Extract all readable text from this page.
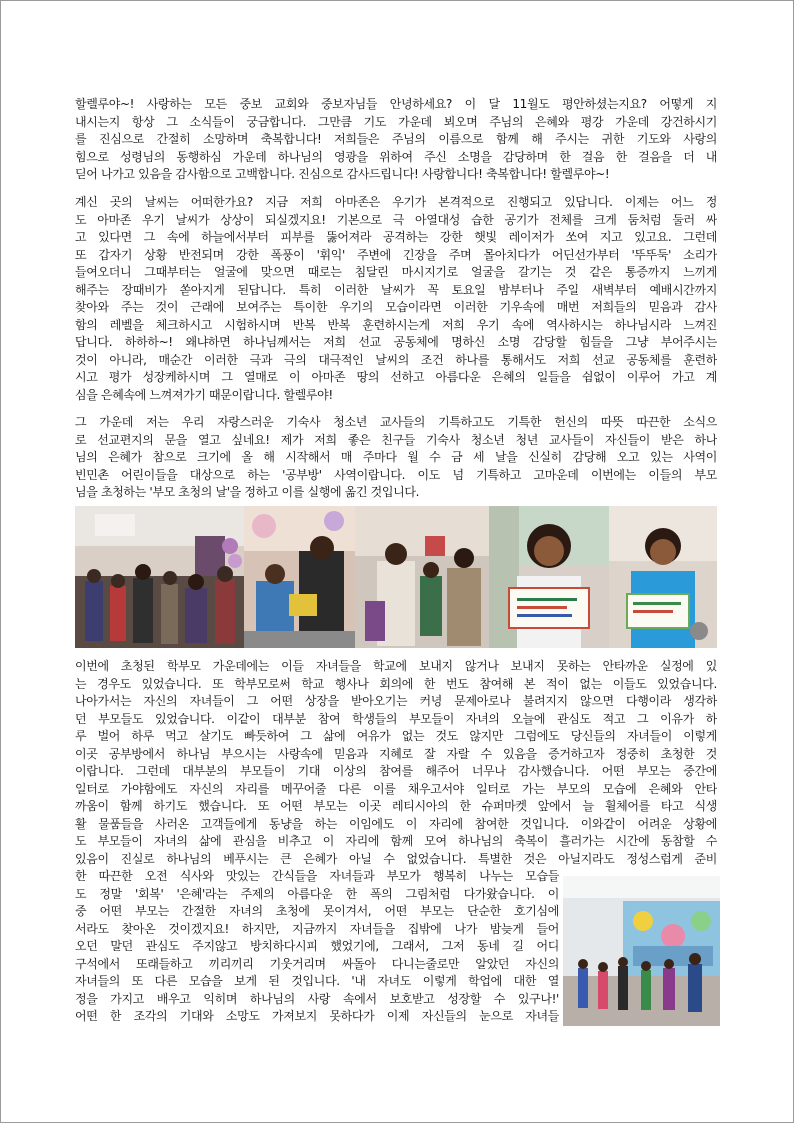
할렐루야~! 사랑하는 모든 중보 교회와 중보자님들 안녕하세요? 이 달 11월도 평안하셨는지요? 어떻게 지
내시는지 항상 그 소식들이 궁금합니다. 그만큼 기도 가운데 뵈오며 주님의 은혜와 평강 가운데 강건하시기
를 진심으로 간절히 소망하며 축복합니다! 저희들은 주님의 이름으로 함께 해 주시는 귀한 기도와 사랑의
힘으로 성령님의 동행하심 가운데 하나님의 영광을 위하여 주신 소명을 감당하며 한 걸음 한 걸음을 더 내
딛어 나가고 있음을 감사함으로 고백합니다. 진심으로 감사드립니다! 사랑합니다! 축복합니다! 할렐루야~!
계신 곳의 날씨는 어떠한가요? 지금 저희 아마존은 우기가 본격적으로 진행되고 있답니다. 이제는 어느 정
도 아마존 우기 날씨가 상상이 되실겠지요! 기본으로 극 아열대성 습한 공기가 전체를 크게 둠처럼 둘러 싸
고 있다면 그 속에 하늘에서부터 피부를 뚫어져라 공격하는 강한 햇빛 레이저가 쏘여 지고 있고요. 그런데
또 갑자기 상황 반전되며 강한 폭풍이 '휘익' 주변에 긴장을 주며 몰아치다가 어딘선가부터 '뚜뚜둑' 소리가
들여오더니 그때부터는 얼굴에 맞으면 때로는 침달린 마시지기로 얼굴을 갈기는 것 같은 통증까지 느끼게
해주는 장때비가 쏟아지게 된답니다. 특히 이러한 날씨가 꼭 토요일 밤부터나 주일 새벽부터 예배시간까지
찾아와 주는 것이 근래에 보여주는 특이한 우기의 모습이라면 이러한 기우속에 매번 저희들의 믿음과 감사
함의 레벨을 체크하시고 시험하시며 반복 반복 훈련하시는게 저희 우기 속에 역사하시는 하나님시라 느껴진
답니다. 하하하~! 왜냐하면 하나님께서는 저희 선교 공동체에 명하신 소명 감당할 힘들을 그냥 부어주시는
것이 아니라, 매순간 이러한 극과 극의 대극적인 날씨의 조건 하나를 통해서도 저희 선교 공동체를 훈련하
시고 평가 성장케하시며 그 열매로 이 아마존 땅의 선하고 아름다운 은혜의 일들을 쉼없이 이루어 가고 계
심을 은혜속에 느껴져가기 때문이랍니다. 할렐루야!
그 가운데 저는 우리 자랑스러운 기숙사 청소년 교사들의 기특하고도 기특한 헌신의 따뜻 따끈한 소식으
로 선교편지의 문을 열고 싶네요! 제가 저희 좋은 친구들 기숙사 청소년 청년 교사들이 자신들이 받은 하나
님의 은혜가 참으로 크기에 올 해 시작해서 매 주마다 월 수 금 세 날을 신실히 감당해 오고 있는 사역이
빈민촌 어린이들을 대상으로 하는 '공부방' 사역이랍니다. 이도 넘 기특하고 고마운데 이번에는 이들의 부모
님을 초청하는 '부모 초청의 날'을 정하고 이를 실행에 옮긴 것입니다.
이번에 초청된 학부모 가운데에는 이들 자녀들을 학교에 보내지 않거나 보내지 못하는 안타까운 실정에 있
는 경우도 있었습니다. 또 학부모로써 학교 행사나 회의에 한 번도 참여해 본 적이 없는 이들도 있었습니다.
나아가서는 자신의 자녀들이 그 어떤 상장을 받아오기는 커녕 문제아로나 불려지지 않으면 다행이라 생각하
던 부모들도 있었습니다. 이같이 대부분 참여 학생들의 부모들이 자녀의 오늘에 관심도 적고 그 이유가 하
루 벌어 하루 먹고 살기도 빠듯하여 그 삶에 여유가 없는 것도 않지만 그럼에도 당신들의 자녀들이 이렇게
이곳 공부방에서 하나님 부으시는 사랑속에 믿음과 지혜로 잘 자랄 수 있음을 증거하고자 정중히 초청한 것
이랍니다. 그런데 대부분의 부모들이 기대 이상의 참여를 해주어 너무나 감사했습니다. 어떤 부모는 중간에
일터로 가야함에도 자신의 자리를 메꾸어줄 다른 이를 채우고서야 일터로 가는 부모의 모습에 은혜와 안타
까움이 함께 하기도 했습니다. 또 어떤 부모는 이곳 레티시아의 한 슈퍼마켓 앞에서 늘 휠체어를 타고 식생
활 물품들을 사러온 고객들에게 동냥을 하는 이임에도 이 자리에 참여한 것입니다. 이와같이 어려운 상황에
도 부모들이 자녀의 삶에 관심을 비추고 이 자리에 함께 모여 하나님의 축복이 흘러가는 시간에 동참할 수
있음이 진실로 하나님의 베푸시는 큰 은혜가 아닐 수 없었습니다. 특별한 것은 아닐지라도 정성스럽게 준비
한 따끈한 오전 식사와 맛있는 간식들을 자녀들과 부모가 행복히 나누는 모습들
도 정말 '회복' '은혜'라는 주제의 아름다운 한 폭의 그림처럼 다가왔습니다. 이
중 어떤 부모는 간절한 자녀의 초청에 못이겨서, 어떤 부모는 단순한 호기심에
서라도 찾아온 것이겠지요! 하지만, 지금까지 자녀들을 집밖에 나가 밤늦게 들어
오던 말던 관심도 주지않고 방치하다시피 했었기에, 그래서, 그저 동네 길 어디
구석에서 또래들하고 끼리끼리 기웃거리며 싸돌아 다니는줄로만 알았던 자신의
자녀들의 또 다른 모습을 보게 된 것입니다. '내 자녀도 이렇게 학업에 대한 열
정을 가지고 배우고 익히며 하나님의 사랑 속에서 보호받고 성장할 수 있구나!'
어떤 한 조각의 기대와 소망도 가져보지 못하다가 이제 자신들의 눈으로 자녀들
